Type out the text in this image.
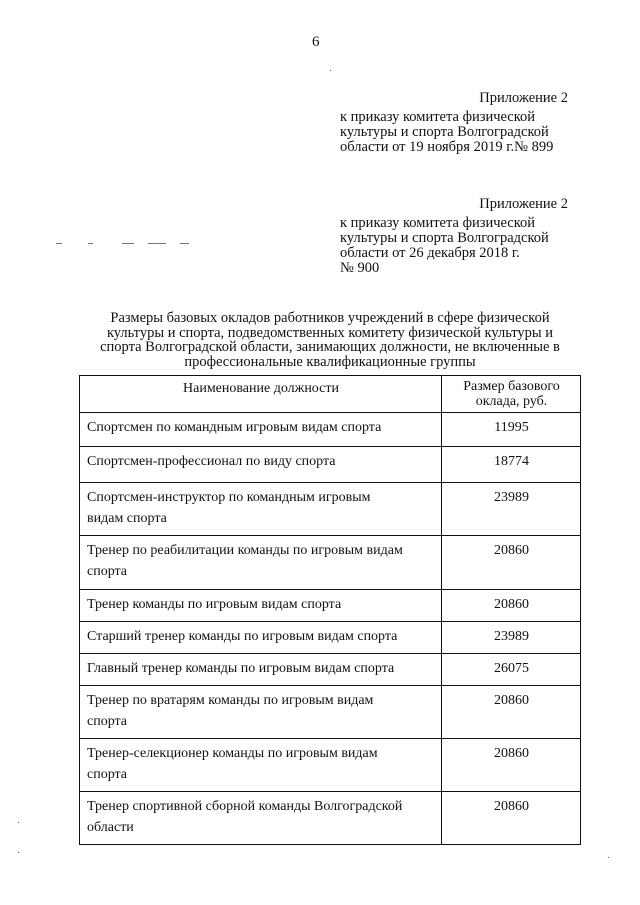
6
Приложение 2
к приказу комитета физической
культуры и спорта Волгоградской
области от 19 ноября 2019 г.№ 899
Приложение 2
к приказу комитета физической
культуры и спорта Волгоградской
области от 26 декабря 2018 г.
№ 900
Размеры базовых окладов работников учреждений в сфере физической
культуры и спорта, подведомственных комитету физической культуры и
спорта Волгоградской области, занимающих должности, не включенные в
профессиональные квалификационные группы
Наименование должности	Размер базового
оклада, руб.

Спортсмен по командным игровым видам спорта	11995

Спортсмен-профессионал по виду спорта	18774

Спортсмен-инструктор по командным игровым
видам спорта	23989

Тренер по реабилитации команды по игровым видам
спорта	20860

Тренер команды по игровым видам спорта	20860

Старший тренер команды по игровым видам спорта	23989

Главный тренер команды по игровым видам спорта	26075

Тренер по вратарям команды по игровым видам
спорта	20860

Тренер-селекционер команды по игровым видам
спорта	20860

Тренер спортивной сборной команды Волгоградской
области	20860
